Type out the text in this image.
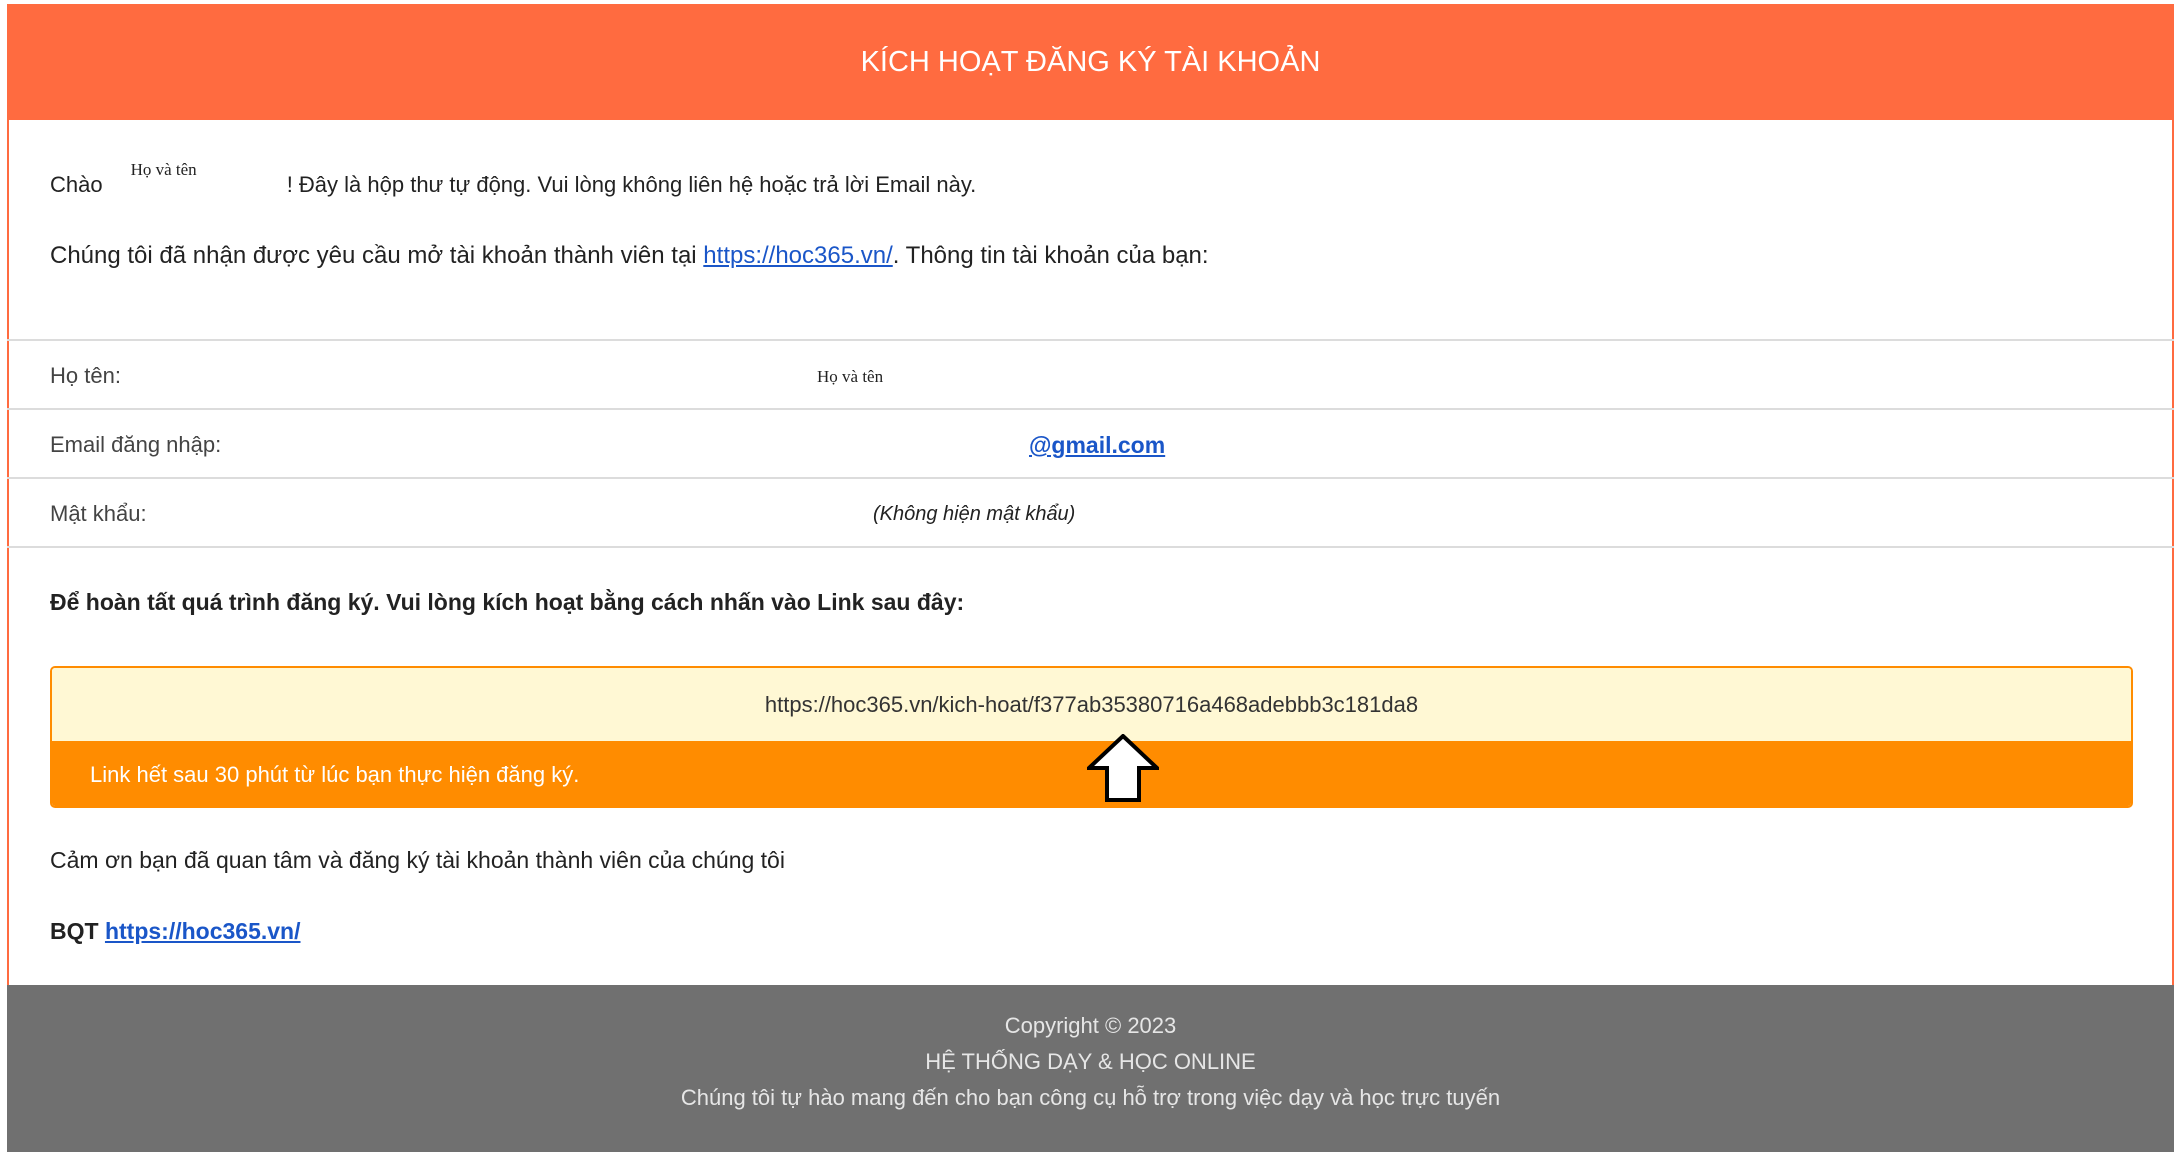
KÍCH HOẠT ĐĂNG KÝ TÀI KHOẢN
ChàoHọ và tên! Đây là hộp thư tự động. Vui lòng không liên hệ hoặc trả lời Email này.
Chúng tôi đã nhận được yêu cầu mở tài khoản thành viên tại https://hoc365.vn/. Thông tin tài khoản của bạn:
Họ tên:	Họ và tên
Email đăng nhập:	@gmail.com
Mật khẩu:	(Không hiện mật khẩu)
Để hoàn tất quá trình đăng ký. Vui lòng kích hoạt bằng cách nhấn vào Link sau đây:
https://hoc365.vn/kich-hoat/f377ab35380716a468adebbb3c181da8
Link hết sau 30 phút từ lúc bạn thực hiện đăng ký.
Cảm ơn bạn đã quan tâm và đăng ký tài khoản thành viên của chúng tôi
BQT https://hoc365.vn/
Copyright © 2023
HỆ THỐNG DẠY & HỌC ONLINE
Chúng tôi tự hào mang đến cho bạn công cụ hỗ trợ trong việc dạy và học trực tuyến
